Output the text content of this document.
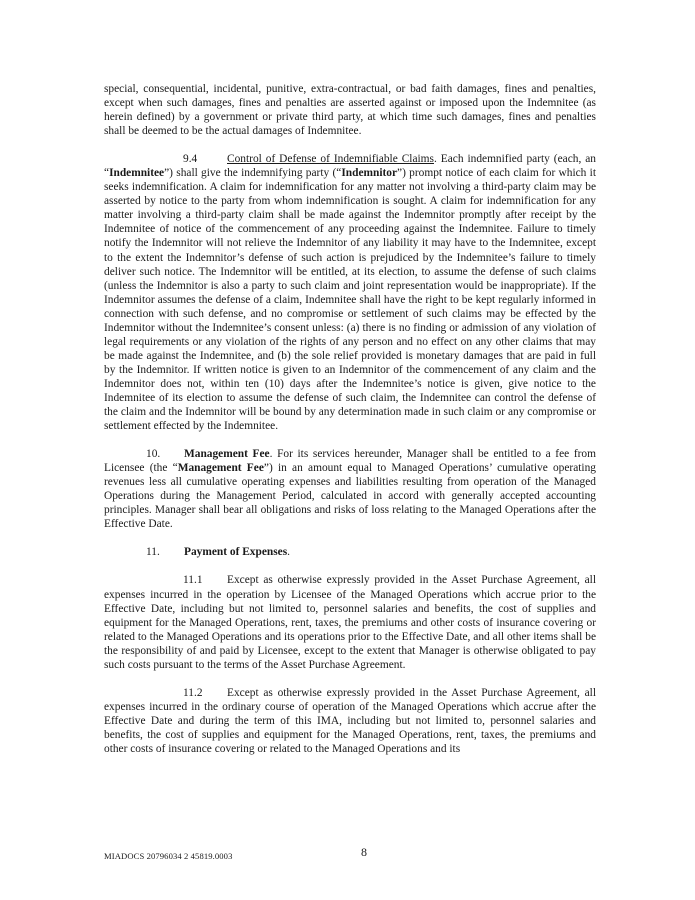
special, consequential, incidental, punitive, extra-contractual, or bad faith damages, fines and penalties, except when such damages, fines and penalties are asserted against or imposed upon the Indemnitee (as herein defined) by a government or private third party, at which time such damages, fines and penalties shall be deemed to be the actual damages of Indemnitee.

9.4	Control of Defense of Indemnifiable Claims. Each indemnified party (each, an “Indemnitee”) shall give the indemnifying party (“Indemnitor”) prompt notice of each claim for which it seeks indemnification. A claim for indemnification for any matter not involving a third-party claim may be asserted by notice to the party from whom indemnification is sought. A claim for indemnification for any matter involving a third-party claim shall be made against the Indemnitor promptly after receipt by the Indemnitee of notice of the commencement of any proceeding against the Indemnitee. Failure to timely notify the Indemnitor will not relieve the Indemnitor of any liability it may have to the Indemnitee, except to the extent the Indemnitor’s defense of such action is prejudiced by the Indemnitee’s failure to timely deliver such notice. The Indemnitor will be entitled, at its election, to assume the defense of such claims (unless the Indemnitor is also a party to such claim and joint representation would be inappropriate). If the Indemnitor assumes the defense of a claim, Indemnitee shall have the right to be kept regularly informed in connection with such defense, and no compromise or settlement of such claims may be effected by the Indemnitor without the Indemnitee’s consent unless: (a) there is no finding or admission of any violation of legal requirements or any violation of the rights of any person and no effect on any other claims that may be made against the Indemnitee, and (b) the sole relief provided is monetary damages that are paid in full by the Indemnitor. If written notice is given to an Indemnitor of the commencement of any claim and the Indemnitor does not, within ten (10) days after the Indemnitee’s notice is given, give notice to the Indemnitee of its election to assume the defense of such claim, the Indemnitee can control the defense of the claim and the Indemnitor will be bound by any determination made in such claim or any compromise or settlement effected by the Indemnitee.

10. Management Fee. For its services hereunder, Manager shall be entitled to a fee from Licensee (the “Management Fee”) in an amount equal to Managed Operations’ cumulative operating revenues less all cumulative operating expenses and liabilities resulting from operation of the Managed Operations during the Management Period, calculated in accord with generally accepted accounting principles. Manager shall bear all obligations and risks of loss relating to the Managed Operations after the Effective Date.

11. Payment of Expenses.

11.1 Except as otherwise expressly provided in the Asset Purchase Agreement, all expenses incurred in the operation by Licensee of the Managed Operations which accrue prior to the Effective Date, including but not limited to, personnel salaries and benefits, the cost of supplies and equipment for the Managed Operations, rent, taxes, the premiums and other costs of insurance covering or related to the Managed Operations and its operations prior to the Effective Date, and all other items shall be the responsibility of and paid by Licensee, except to the extent that Manager is otherwise obligated to pay such costs pursuant to the terms of the Asset Purchase Agreement.

11.2 Except as otherwise expressly provided in the Asset Purchase Agreement, all expenses incurred in the ordinary course of operation of the Managed Operations which accrue after the Effective Date and during the term of this IMA, including but not limited to, personnel salaries and benefits, the cost of supplies and equipment for the Managed Operations, rent, taxes, the premiums and other costs of insurance covering or related to the Managed Operations and its

MIADOCS 20796034 2 45819.0003	8
